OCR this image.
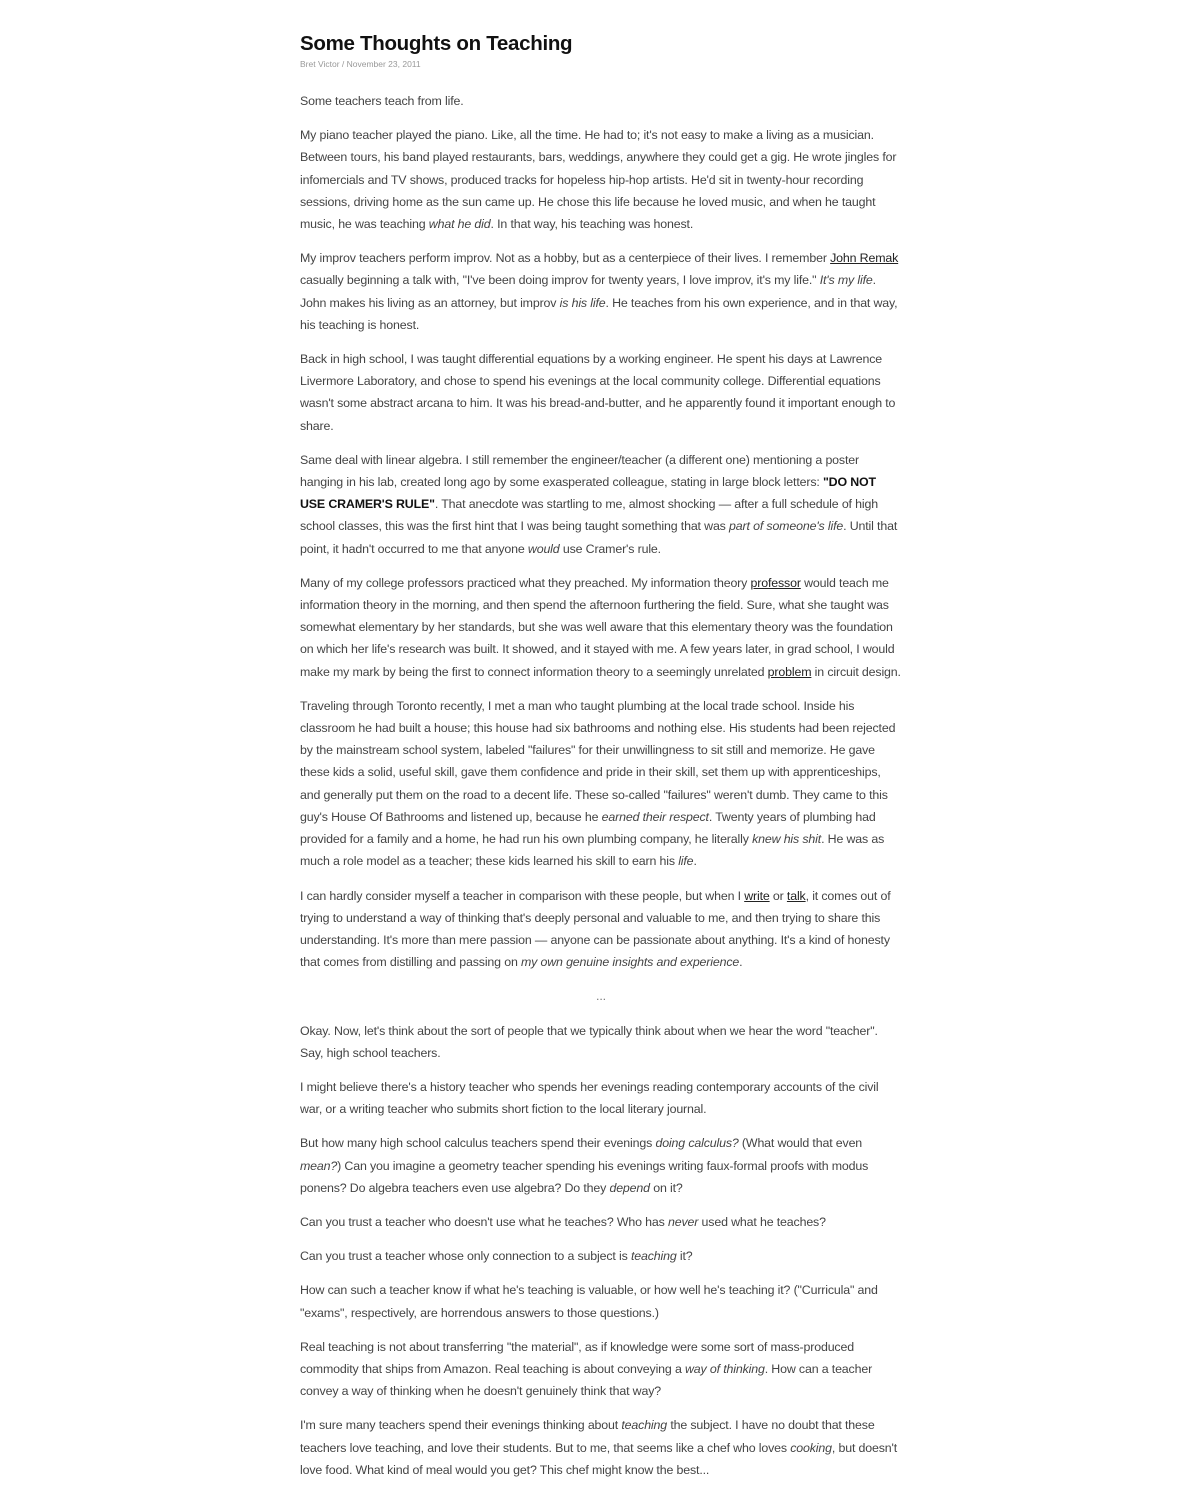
Some Thoughts on Teaching
Bret Victor / November 23, 2011

Some teachers teach from life.

My piano teacher played the piano. Like, all the time. He had to; it's not easy to make a living as a musician. Between tours, his band played restaurants, bars, weddings, anywhere they could get a gig. He wrote jingles for infomercials and TV shows, produced tracks for hopeless hip-hop artists. He'd sit in twenty-hour recording sessions, driving home as the sun came up. He chose this life because he loved music, and when he taught music, he was teaching what he did. In that way, his teaching was honest.

My improv teachers perform improv. Not as a hobby, but as a centerpiece of their lives. I remember John Remak casually beginning a talk with, "I've been doing improv for twenty years, I love improv, it's my life." It's my life. John makes his living as an attorney, but improv is his life. He teaches from his own experience, and in that way, his teaching is honest.

Back in high school, I was taught differential equations by a working engineer. He spent his days at Lawrence Livermore Laboratory, and chose to spend his evenings at the local community college. Differential equations wasn't some abstract arcana to him. It was his bread-and-butter, and he apparently found it important enough to share.

Same deal with linear algebra. I still remember the engineer/teacher (a different one) mentioning a poster hanging in his lab, created long ago by some exasperated colleague, stating in large block letters: "DO NOT USE CRAMER'S RULE". That anecdote was startling to me, almost shocking — after a full schedule of high school classes, this was the first hint that I was being taught something that was part of someone's life. Until that point, it hadn't occurred to me that anyone would use Cramer's rule.

Many of my college professors practiced what they preached. My information theory professor would teach me information theory in the morning, and then spend the afternoon furthering the field. Sure, what she taught was somewhat elementary by her standards, but she was well aware that this elementary theory was the foundation on which her life's research was built. It showed, and it stayed with me. A few years later, in grad school, I would make my mark by being the first to connect information theory to a seemingly unrelated problem in circuit design.

Traveling through Toronto recently, I met a man who taught plumbing at the local trade school. Inside his classroom he had built a house; this house had six bathrooms and nothing else. His students had been rejected by the mainstream school system, labeled "failures" for their unwillingness to sit still and memorize. He gave these kids a solid, useful skill, gave them confidence and pride in their skill, set them up with apprenticeships, and generally put them on the road to a decent life. These so-called "failures" weren't dumb. They came to this guy's House Of Bathrooms and listened up, because he earned their respect. Twenty years of plumbing had provided for a family and a home, he had run his own plumbing company, he literally knew his shit. He was as much a role model as a teacher; these kids learned his skill to earn his life.

I can hardly consider myself a teacher in comparison with these people, but when I write or talk, it comes out of trying to understand a way of thinking that's deeply personal and valuable to me, and then trying to share this understanding. It's more than mere passion — anyone can be passionate about anything. It's a kind of honesty that comes from distilling and passing on my own genuine insights and experience.

...

Okay. Now, let's think about the sort of people that we typically think about when we hear the word "teacher". Say, high school teachers.

I might believe there's a history teacher who spends her evenings reading contemporary accounts of the civil war, or a writing teacher who submits short fiction to the local literary journal.

But how many high school calculus teachers spend their evenings doing calculus? (What would that even mean?) Can you imagine a geometry teacher spending his evenings writing faux-formal proofs with modus ponens? Do algebra teachers even use algebra? Do they depend on it?

Can you trust a teacher who doesn't use what he teaches? Who has never used what he teaches?

Can you trust a teacher whose only connection to a subject is teaching it?

How can such a teacher know if what he's teaching is valuable, or how well he's teaching it? ("Curricula" and "exams", respectively, are horrendous answers to those questions.)

Real teaching is not about transferring "the material", as if knowledge were some sort of mass-produced commodity that ships from Amazon. Real teaching is about conveying a way of thinking. How can a teacher convey a way of thinking when he doesn't genuinely think that way?

I'm sure many teachers spend their evenings thinking about teaching the subject. I have no doubt that these teachers love teaching, and love their students. But to me, that seems like a chef who loves cooking, but doesn't love food. What kind of meal would you get? This chef might know the best...
